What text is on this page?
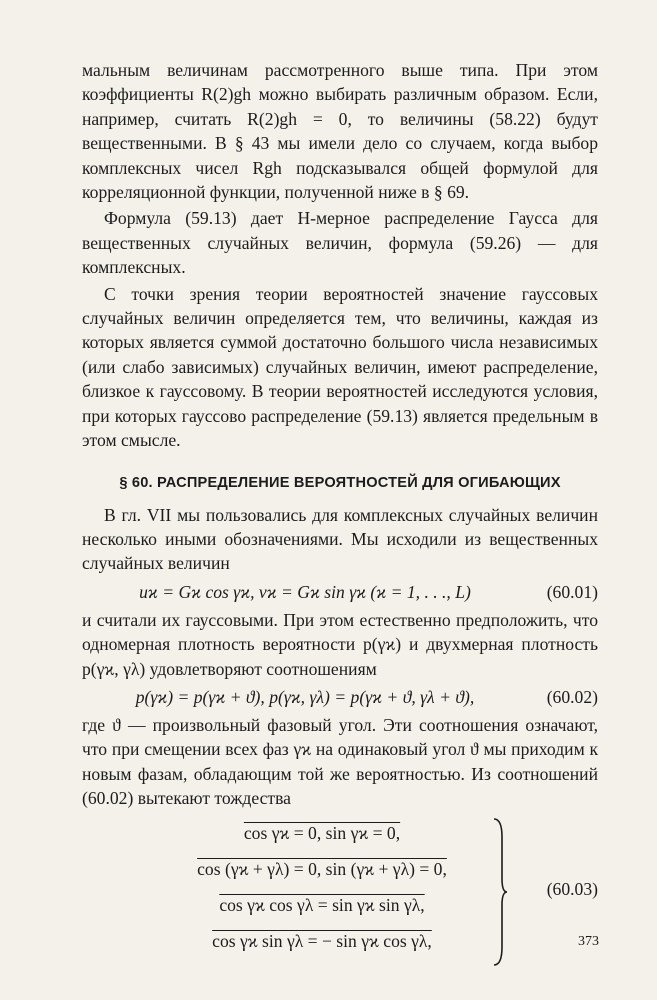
мальным величинам рассмотренного выше типа. При этом коэффициенты R(2)gh можно выбирать различным образом. Если, например, считать R(2)gh = 0, то величины (58.22) будут вещественными. В § 43 мы имели дело со случаем, когда выбор комплексных чисел Rgh подсказывался общей формулой для корреляционной функции, полученной ниже в § 69.

Формула (59.13) дает H-мерное распределение Гаусса для вещественных случайных величин, формула (59.26) — для комплексных.

С точки зрения теории вероятностей значение гауссовых случайных величин определяется тем, что величины, каждая из которых является суммой достаточно большого числа независимых (или слабо зависимых) случайных величин, имеют распределение, близкое к гауссовому. В теории вероятностей исследуются условия, при которых гауссово распределение (59.13) является предельным в этом смысле.

§ 60. РАСПРЕДЕЛЕНИЕ ВЕРОЯТНОСТЕЙ ДЛЯ ОГИБАЮЩИХ

В гл. VII мы пользовались для комплексных случайных величин несколько иными обозначениями. Мы исходили из вещественных случайных величин

uϰ = Gϰ cos γϰ, vϰ = Gϰ sin γϰ (ϰ = 1, . . ., L)	(60.01)

и считали их гауссовыми. При этом естественно предположить, что одномерная плотность вероятности p(γϰ) и двухмерная плотность p(γϰ, γλ) удовлетворяют соотношениям

p(γϰ) = p(γϰ + ϑ), p(γϰ, γλ) = p(γϰ + ϑ, γλ + ϑ),	(60.02)

где ϑ — произвольный фазовый угол. Эти соотношения означают, что при смещении всех фаз γϰ на одинаковый угол ϑ мы приходим к новым фазам, обладающим той же вероятностью. Из соотношений (60.02) вытекают тождества

cos γϰ = 0, sin γϰ = 0,
cos (γϰ + γλ) = 0, sin (γϰ + γλ) = 0,
cos γϰ cos γλ = sin γϰ sin γλ,
cos γϰ sin γλ = − sin γϰ cos γλ,
(60.03)
373
